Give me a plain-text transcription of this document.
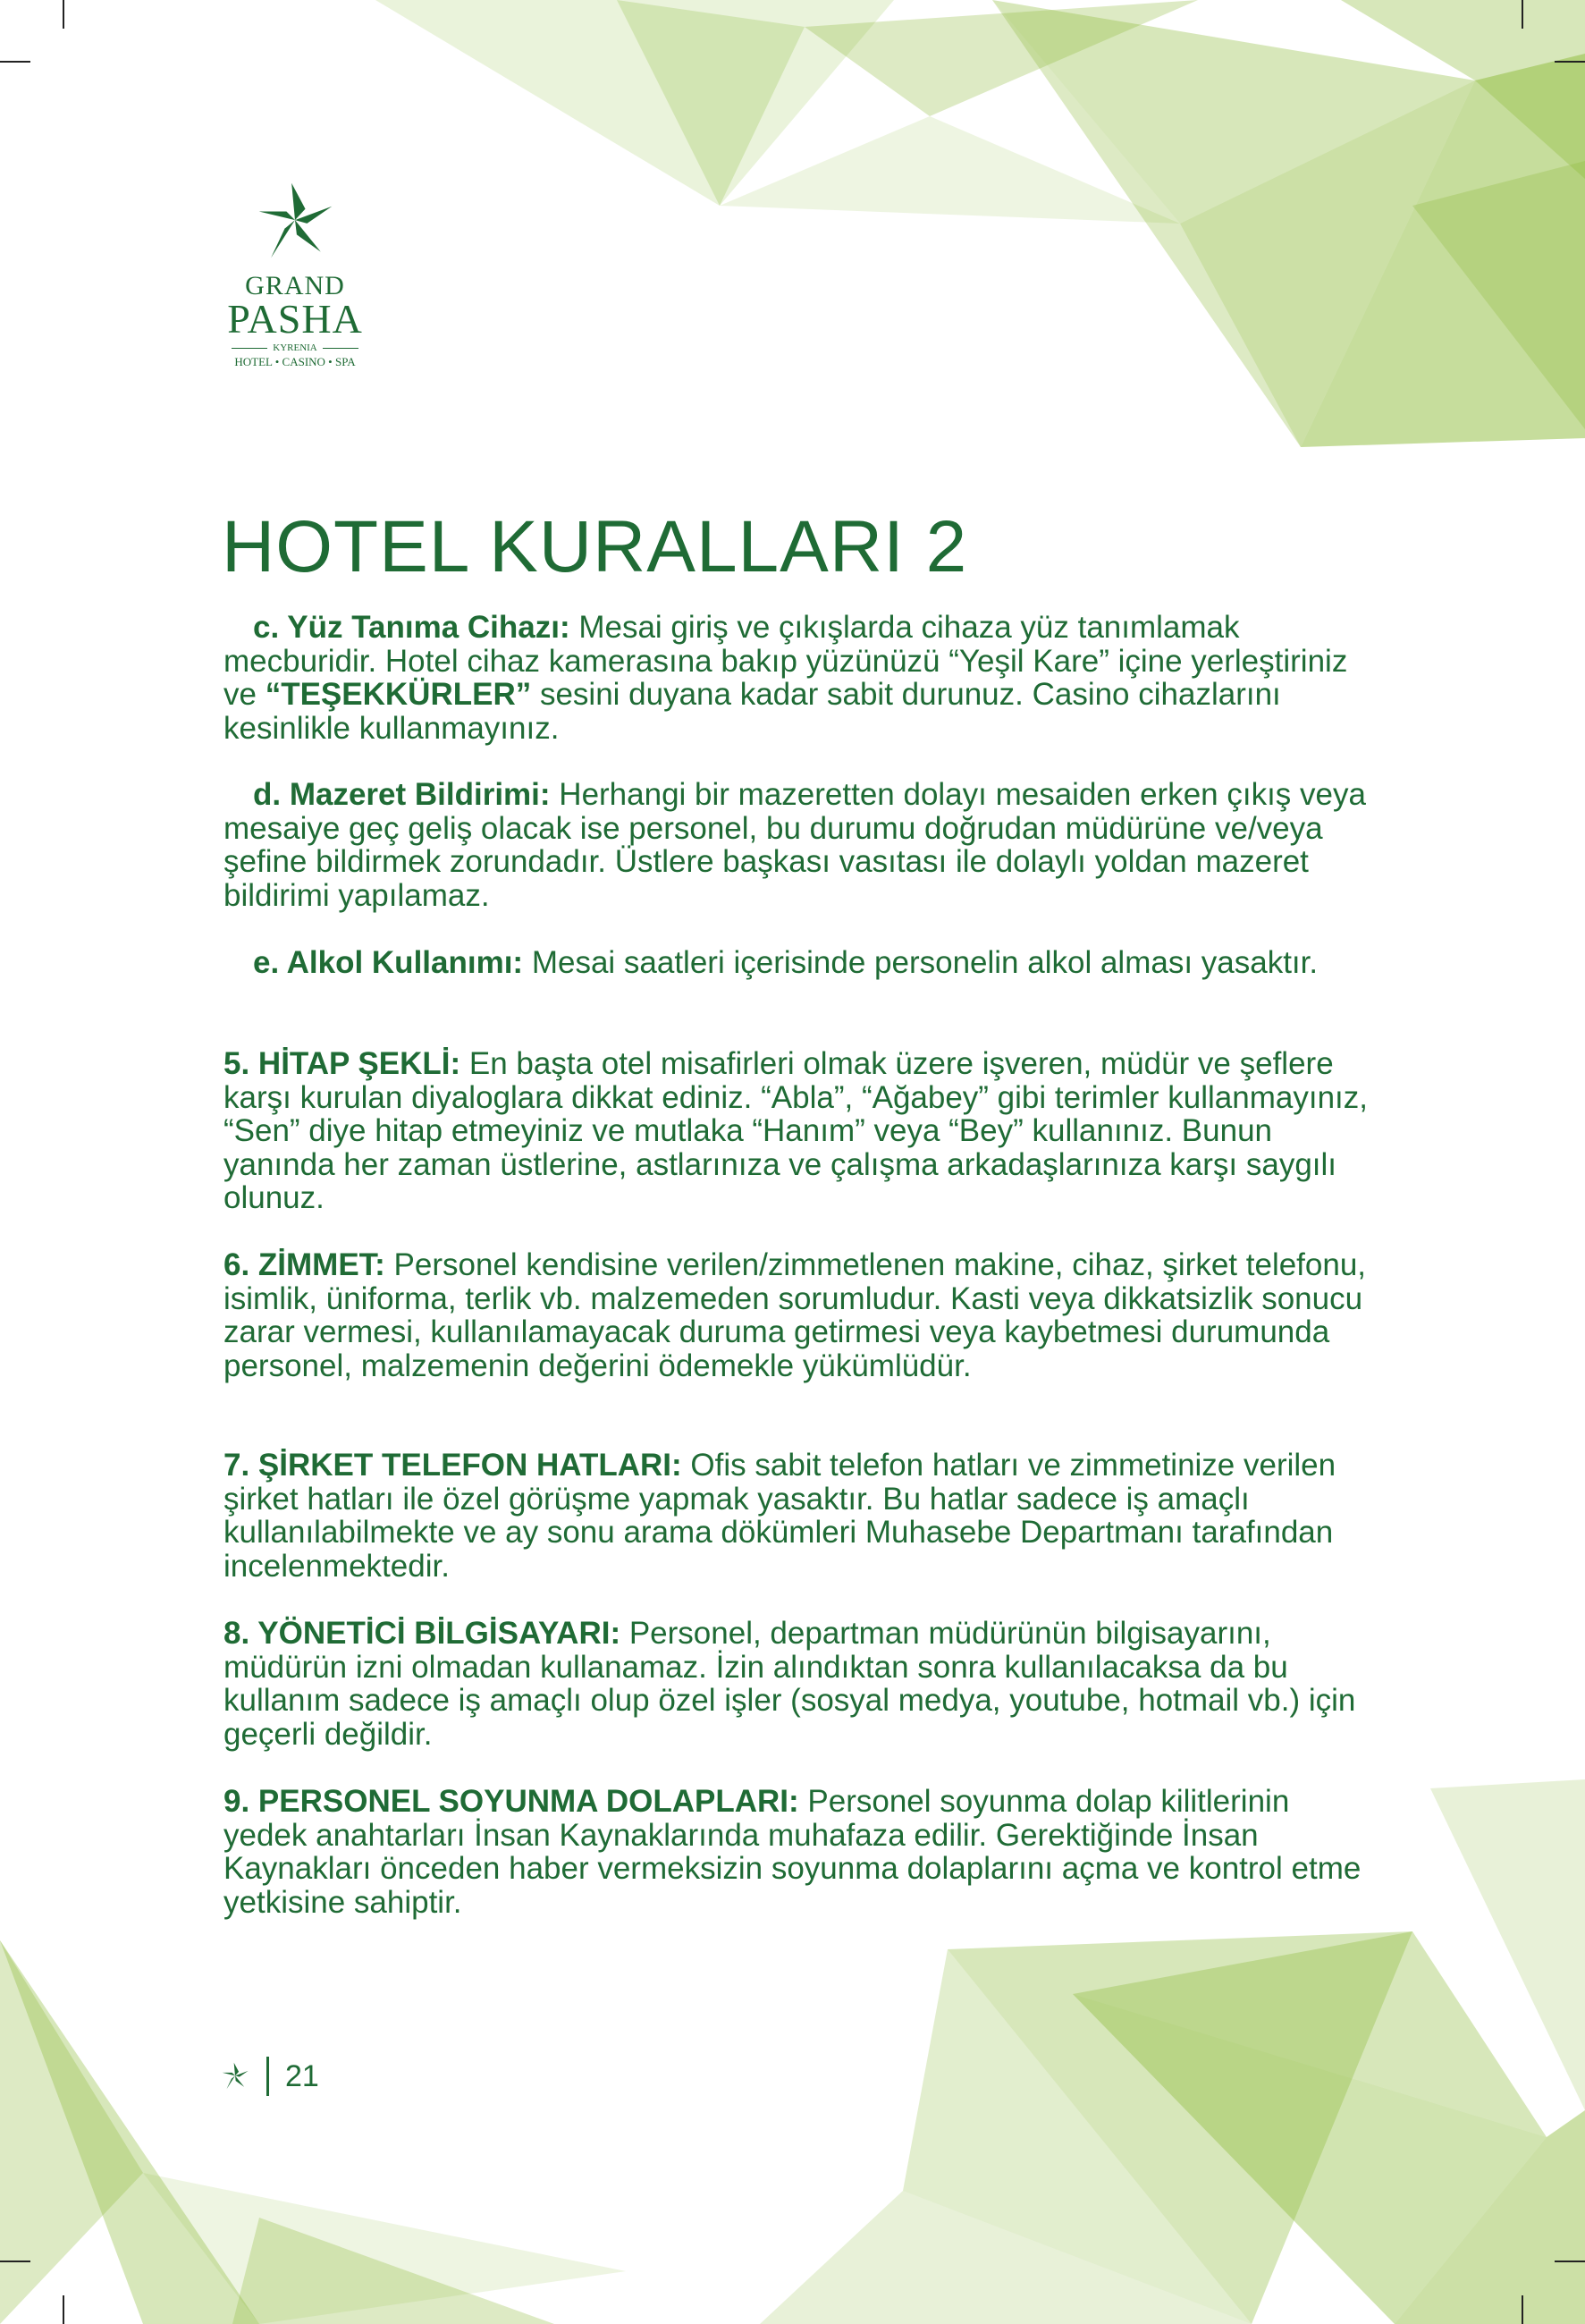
GRAND
PASHA
KYRENIA
HOTEL • CASINO • SPA
HOTEL KURALLARI 2

c. Yüz Tanıma Cihazı: Mesai giriş ve çıkışlarda cihaza yüz tanımlamak mecburidir. Hotel cihaz kamerasına bakıp yüzünüzü “Yeşil Kare” içine yerleştiriniz ve “TEŞEKKÜRLER” sesini duyana kadar sabit durunuz. Casino cihazlarını kesinlikle kullanmayınız.

d. Mazeret Bildirimi: Herhangi bir mazeretten dolayı mesaiden erken çıkış veya mesaiye geç geliş olacak ise personel, bu durumu doğrudan müdürüne ve/veya şefine bildirmek zorundadır. Üstlere başkası vasıtası ile dolaylı yoldan mazeret bildirimi yapılamaz.

e. Alkol Kullanımı: Mesai saatleri içerisinde personelin alkol alması yasaktır.

5. HİTAP ŞEKLİ: En başta otel misafirleri olmak üzere işveren, müdür ve şeflere karşı kurulan diyaloglara dikkat ediniz. “Abla”, “Ağabey” gibi terimler kullanmayınız, “Sen” diye hitap etmeyiniz ve mutlaka “Hanım” veya “Bey” kullanınız. Bunun yanında her zaman üstlerine, astlarınıza ve çalışma arkadaşlarınıza karşı saygılı olunuz.

6. ZİMMET: Personel kendisine verilen/zimmetlenen makine, cihaz, şirket telefonu, isimlik, üniforma, terlik vb. malzemeden sorumludur. Kasti veya dikkatsizlik sonucu zarar vermesi, kullanılamayacak duruma getirmesi veya kaybetmesi durumunda personel, malzemenin değerini ödemekle yükümlüdür.

7. ŞİRKET TELEFON HATLARI: Ofis sabit telefon hatları ve zimmetinize verilen şirket hatları ile özel görüşme yapmak yasaktır. Bu hatlar sadece iş amaçlı kullanılabilmekte ve ay sonu arama dökümleri Muhasebe Departmanı tarafından incelenmektedir.

8. YÖNETİCİ BİLGİSAYARI: Personel, departman müdürünün bilgisayarını, müdürün izni olmadan kullanamaz. İzin alındıktan sonra kullanılacaksa da bu kullanım sadece iş amaçlı olup özel işler (sosyal medya, youtube, hotmail vb.) için geçerli değildir.

9. PERSONEL SOYUNMA DOLAPLARI: Personel soyunma dolap kilitlerinin yedek anahtarları İnsan Kaynaklarında muhafaza edilir. Gerektiğinde İnsan Kaynakları önceden haber vermeksizin soyunma dolaplarını açma ve kontrol etme yetkisine sahiptir.

21
